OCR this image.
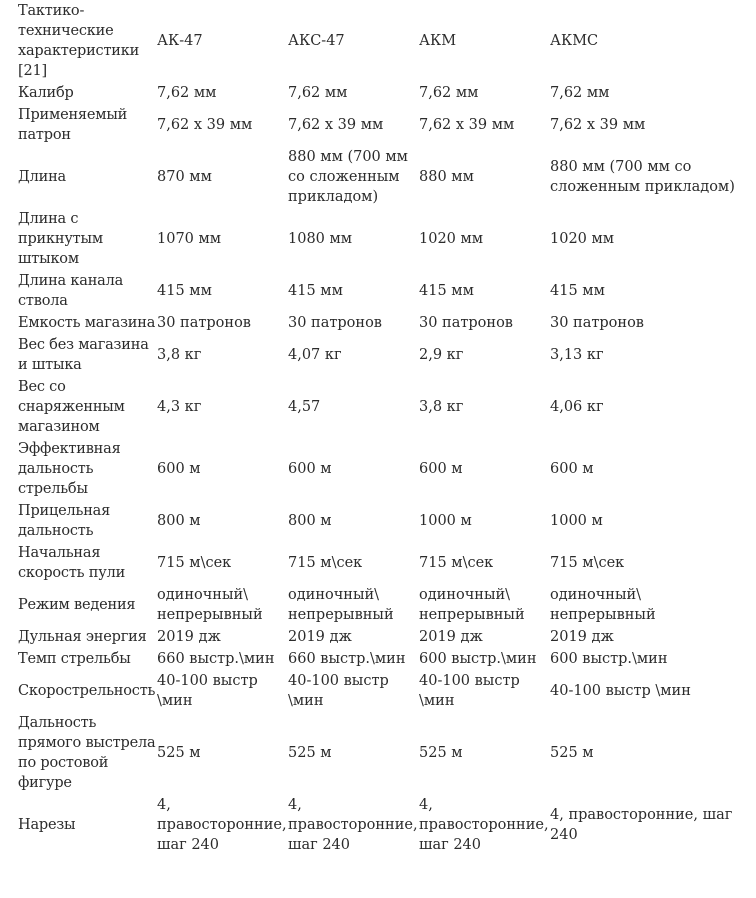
Тактико-технические характеристики [21]	АК-47	АКС-47	АКМ	АКМС
Калибр	7,62 мм	7,62 мм	7,62 мм	7,62 мм
Применяемый патрон	7,62 x 39 мм	7,62 x 39 мм	7,62 x 39 мм	7,62 x 39 мм
Длина	870 мм	880 мм (700 мм со сложенным прикладом)	880 мм	880 мм (700 мм со сложенным прикладом)
Длина с прикнутым штыком	1070 мм	1080 мм	1020 мм	1020 мм
Длина канала ствола	415 мм	415 мм	415 мм	415 мм
Емкость магазина	30 патронов	30 патронов	30 патронов	30 патронов
Вес без магазина и штыка	3,8 кг	4,07 кг	2,9 кг	3,13 кг
Вес со снаряженным магазином	4,3 кг	4,57	3,8 кг	4,06 кг
Эффективная дальность стрельбы	600 м	600 м	600 м	600 м
Прицельная дальность	800 м	800 м	1000 м	1000 м
Начальная скорость пули	715 м\сек	715 м\сек	715 м\сек	715 м\сек
Режим ведения	одиночный\ непрерывный	одиночный\ непрерывный	одиночный\ непрерывный	одиночный\ непрерывный
Дульная энергия	2019 дж	2019 дж	2019 дж	2019 дж
Темп стрельбы	660 выстр.\мин	660 выстр.\мин	600 выстр.\мин	600 выстр.\мин
Скорострельность	40-100 выстр \мин	40-100 выстр \мин	40-100 выстр \мин	40-100 выстр \мин
Дальность прямого выстрела по ростовой фигуре	525 м	525 м	525 м	525 м
Нарезы	4, правосторонние, шаг 240	4, правосторонние, шаг 240	4, правосторонние, шаг 240	4, правосторонние, шаг 240
